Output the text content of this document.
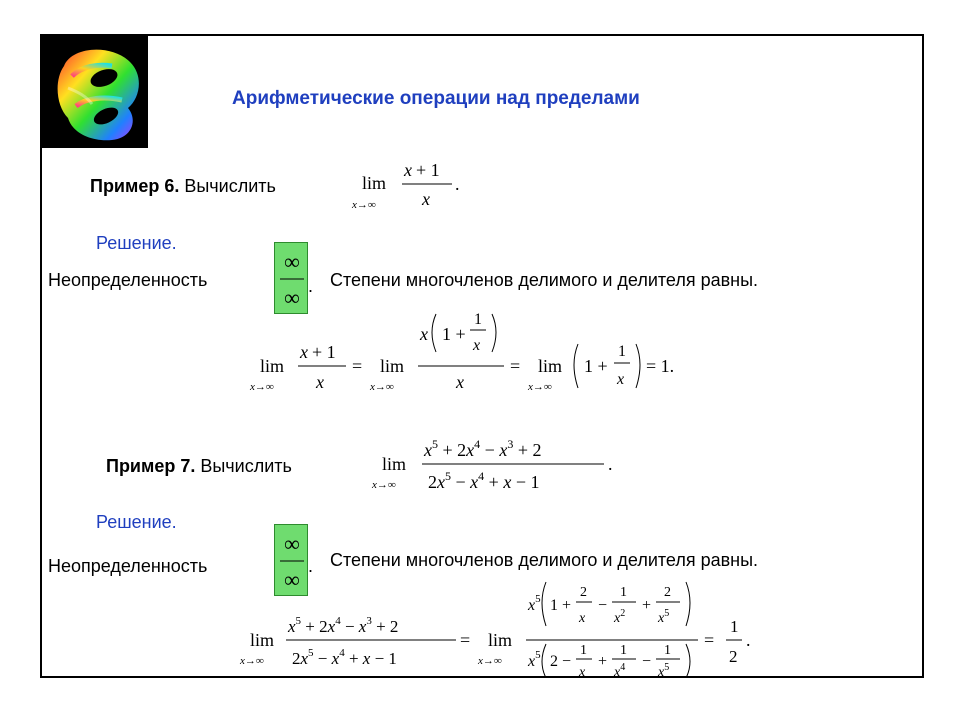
Арифметические операции над пределами
Пример 6. Вычислить	lim
x→∞
x + 1
x
.
Решение.
Неопределенность
∞
∞ . Степени многочленов делимого и делителя равны.
lim
x→∞
x + 1
x
= lim
x→∞
x 1 +
1
x
x
= lim
x→∞
1 +
1
x
= 1.
Пример 7. Вычислить	lim
x→∞
$x^5 + 2x^4 - x^3 + 2$
$2x^5 - x^4 + x - 1$
.
Решение.
Неопределенность
∞
∞
. Степени многочленов делимого и делителя равны.
lim
x→∞
$x^5 + 2x^4 - x^3 + 2$
$2x^5 - x^4 + x - 1$
= lim
x→∞
$x^5$ 1 +
2
x
−
1
$x^2$ +
2
$x^5$
$x^5$ 2 −
1
x
+
1
$x^4$ −
1
$x^5$
=
1
2
.
